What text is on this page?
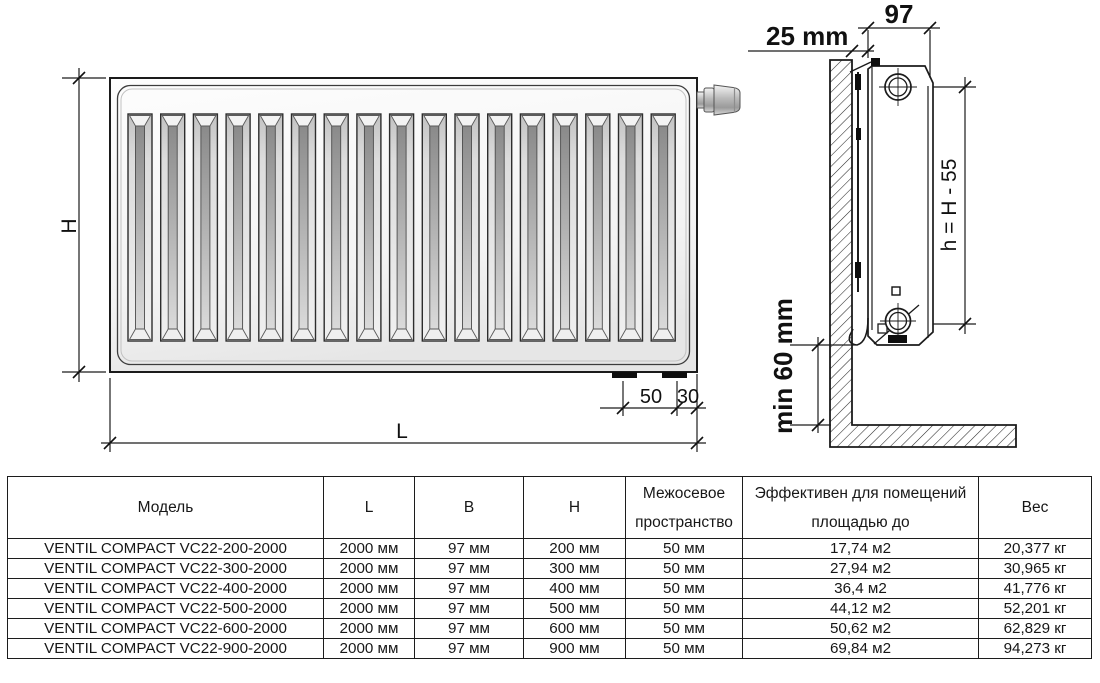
H
L
50 30
97
25 mm
h = H - 55
min 60 mm
Модель	L	B	H	Межосевое пространство	Эффективен для помещений площадью до	Вес
VENTIL COMPACT VC22-200-2000	2000 мм	97 мм	200 мм	50 мм	17,74 м2	20,377 кг
VENTIL COMPACT VC22-300-2000	2000 мм	97 мм	300 мм	50 мм	27,94 м2	30,965 кг
VENTIL COMPACT VC22-400-2000	2000 мм	97 мм	400 мм	50 мм	36,4 м2	41,776 кг
VENTIL COMPACT VC22-500-2000	2000 мм	97 мм	500 мм	50 мм	44,12 м2	52,201 кг
VENTIL COMPACT VC22-600-2000	2000 мм	97 мм	600 мм	50 мм	50,62 м2	62,829 кг
VENTIL COMPACT VC22-900-2000	2000 мм	97 мм	900 мм	50 мм	69,84 м2	94,273 кг
